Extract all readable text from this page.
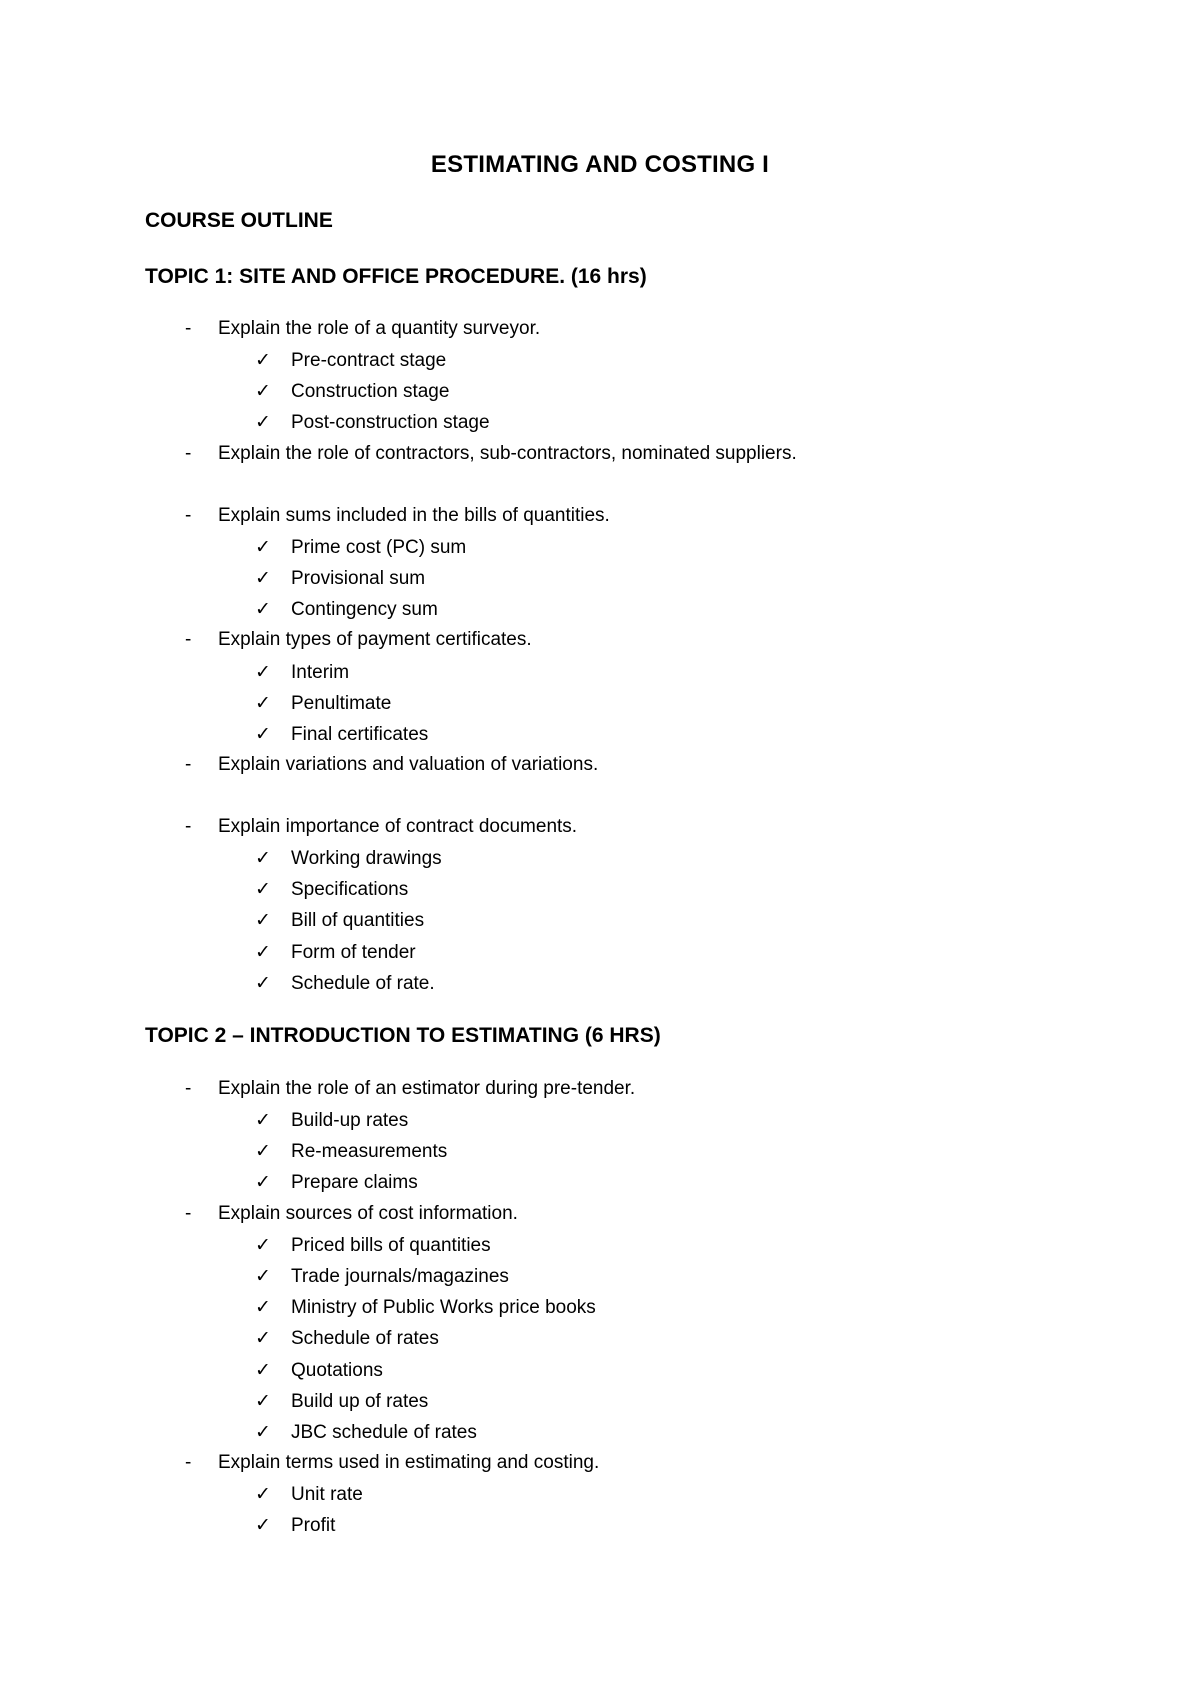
ESTIMATING AND COSTING I
COURSE OUTLINE
TOPIC 1: SITE AND OFFICE PROCEDURE. (16 hrs)
- Explain the role of a quantity surveyor.
✓ Pre-contract stage
✓ Construction stage
✓ Post-construction stage
- Explain the role of contractors, sub-contractors, nominated suppliers.
- Explain sums included in the bills of quantities.
✓ Prime cost (PC) sum
✓ Provisional sum
✓ Contingency sum
- Explain types of payment certificates.
✓ Interim
✓ Penultimate
✓ Final certificates
- Explain variations and valuation of variations.
- Explain importance of contract documents.
✓ Working drawings
✓ Specifications
✓ Bill of quantities
✓ Form of tender
✓ Schedule of rate.
TOPIC 2 – INTRODUCTION TO ESTIMATING (6 HRS)
- Explain the role of an estimator during pre-tender.
✓ Build-up rates
✓ Re-measurements
✓ Prepare claims
- Explain sources of cost information.
✓ Priced bills of quantities
✓ Trade journals/magazines
✓ Ministry of Public Works price books
✓ Schedule of rates
✓ Quotations
✓ Build up of rates
✓ JBC schedule of rates
- Explain terms used in estimating and costing.
✓ Unit rate
✓ Profit
